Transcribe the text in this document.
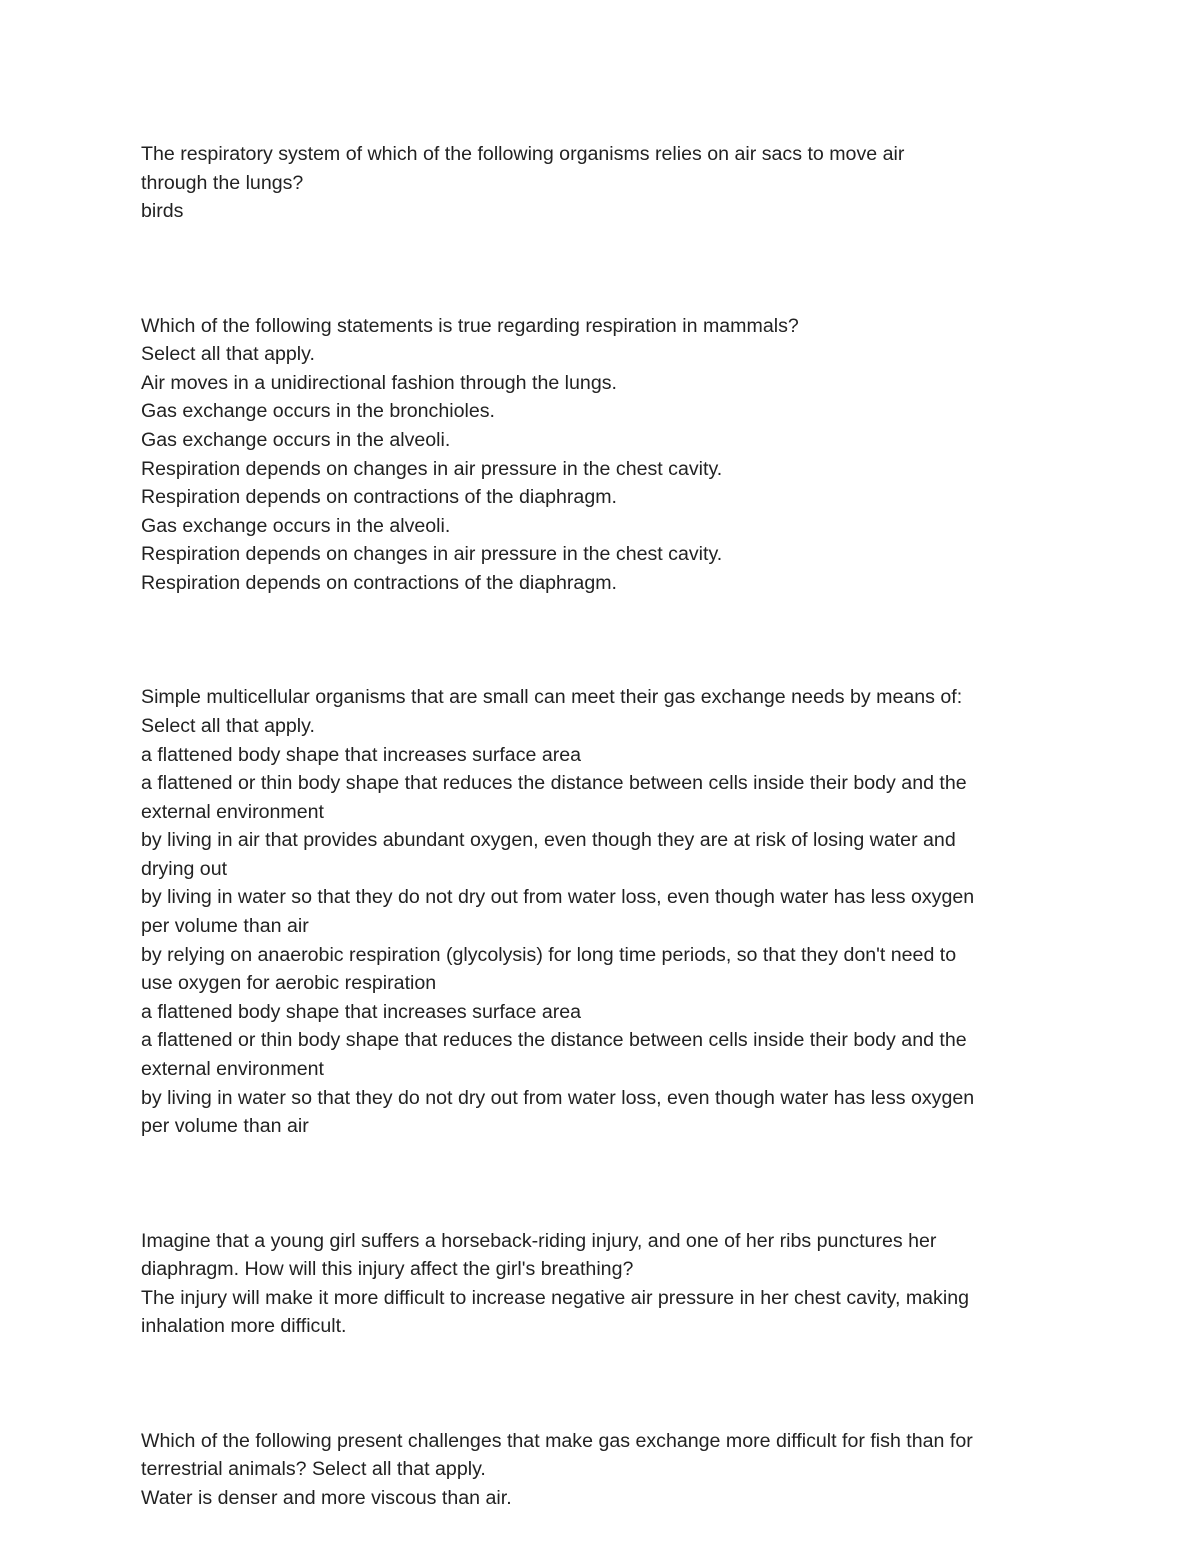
The respiratory system of which of the following organisms relies on air sacs to move air
through the lungs?
birds
Which of the following statements is true regarding respiration in mammals?
Select all that apply.
Air moves in a unidirectional fashion through the lungs.
Gas exchange occurs in the bronchioles.
Gas exchange occurs in the alveoli.
Respiration depends on changes in air pressure in the chest cavity.
Respiration depends on contractions of the diaphragm.
Gas exchange occurs in the alveoli.
Respiration depends on changes in air pressure in the chest cavity.
Respiration depends on contractions of the diaphragm.
Simple multicellular organisms that are small can meet their gas exchange needs by means of:
Select all that apply.
a flattened body shape that increases surface area
a flattened or thin body shape that reduces the distance between cells inside their body and the
external environment
by living in air that provides abundant oxygen, even though they are at risk of losing water and
drying out
by living in water so that they do not dry out from water loss, even though water has less oxygen
per volume than air
by relying on anaerobic respiration (glycolysis) for long time periods, so that they don't need to
use oxygen for aerobic respiration
a flattened body shape that increases surface area
a flattened or thin body shape that reduces the distance between cells inside their body and the
external environment
by living in water so that they do not dry out from water loss, even though water has less oxygen
per volume than air
Imagine that a young girl suffers a horseback-riding injury, and one of her ribs punctures her
diaphragm. How will this injury affect the girl's breathing?
The injury will make it more difficult to increase negative air pressure in her chest cavity, making
inhalation more difficult.
Which of the following present challenges that make gas exchange more difficult for fish than for
terrestrial animals? Select all that apply.
Water is denser and more viscous than air.
